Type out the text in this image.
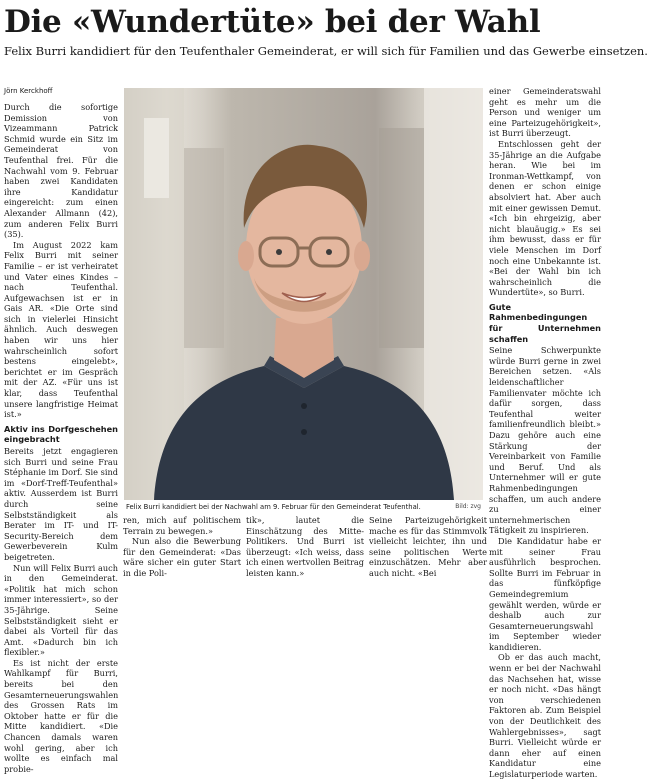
Die «Wundertüte» bei der Wahl

Felix Burri kandidiert für den Teufenthaler Gemeinderat, er will sich für Familien und das Gewerbe einsetzen.

Jörn Kerckhoff

Durch die sofortige Demission von Vizeammann Patrick Schmid wurde ein Sitz im Gemeinderat von Teufenthal frei. Für die Nachwahl vom 9. Februar haben zwei Kandidaten ihre Kandidatur eingereicht: zum einen Alexander Allmann (42), zum anderen Felix Burri (35).

Im August 2022 kam Felix Burri mit seiner Familie – er ist verheiratet und Vater eines Kindes – nach Teufenthal. Aufgewachsen ist er in Gais AR. «Die Orte sind sich in vielerlei Hinsicht ähnlich. Auch deswegen haben wir uns hier wahrscheinlich sofort bestens eingelebt», berichtet er im Gespräch mit der AZ. «Für uns ist klar, dass Teufenthal unsere langfristige Heimat ist.»

Aktiv ins Dorfgeschehen eingebracht

Bereits jetzt engagieren sich Burri und seine Frau Stéphanie im Dorf. Sie sind im «Dorf-Treff-Teufenthal» aktiv. Ausserdem ist Burri durch seine Selbstständigkeit als Berater im IT- und IT-Security-Bereich dem Gewerbeverein Kulm beigetreten.

Nun will Felix Burri auch in den Gemeinderat. «Politik hat mich schon immer interessiert», so der 35-Jährige. Seine Selbstständigkeit sieht er dabei als Vorteil für das Amt. «Dadurch bin ich flexibler.»

Es ist nicht der erste Wahlkampf für Burri, bereits bei den Gesamterneuerungswahlen des Grossen Rats im Oktober hatte er für die Mitte kandidiert. «Die Chancen damals waren wohl gering, aber ich wollte es einfach mal probie-

Felix Burri kandidiert bei der Nachwahl am 9. Februar für den Gemeinderat Teufenthal.	Bild: zvg

ren, mich auf politischem Terrain zu bewegen.»

Nun also die Bewerbung für den Gemeinderat: «Das wäre sicher ein guter Start in die Poli-

tik», lautet die Einschätzung des Mitte-Politikers. Und Burri ist überzeugt: «Ich weiss, dass ich einen wertvollen Beitrag leisten kann.»

Seine Parteizugehörigkeit mache es für das Stimmvolk vielleicht leichter, ihn und seine politischen Werte einzuschätzen. Mehr aber auch nicht. «Bei

einer Gemeinderatswahl geht es mehr um die Person und weniger um eine Parteizugehörigkeit», ist Burri überzeugt.

Entschlossen geht der 35-Jährige an die Aufgabe heran. Wie bei im Ironman-Wettkampf, von denen er schon einige absolviert hat. Aber auch mit einer gewissen Demut. «Ich bin ehrgeizig, aber nicht blauäugig.» Es sei ihm bewusst, dass er für viele Menschen im Dorf noch eine Unbekannte ist. «Bei der Wahl bin ich wahrscheinlich die Wundertüte», so Burri.

Gute Rahmenbedingungen für Unternehmen schaffen

Seine Schwerpunkte würde Burri gerne in zwei Bereichen setzen. «Als leidenschaftlicher Familienvater möchte ich dafür sorgen, dass Teufenthal weiter familienfreundlich bleibt.» Dazu gehöre auch eine Stärkung der Vereinbarkeit von Familie und Beruf. Und als Unternehmer will er gute Rahmenbedingungen schaffen, um auch andere zu einer unternehmerischen Tätigkeit zu inspirieren.

Die Kandidatur habe er mit seiner Frau ausführlich besprochen. Sollte Burri im Februar in das fünfköpfige Gemeindegremium gewählt werden, würde er deshalb auch zur Gesamterneuerungswahl im September wieder kandidieren.

Ob er das auch macht, wenn er bei der Nachwahl das Nachsehen hat, wisse er noch nicht. «Das hängt von verschiedenen Faktoren ab. Zum Beispiel von der Deutlichkeit des Wahlergebnisses», sagt Burri. Vielleicht würde er dann eher auf einen Kandidatur eine Legislaturperiode warten.
